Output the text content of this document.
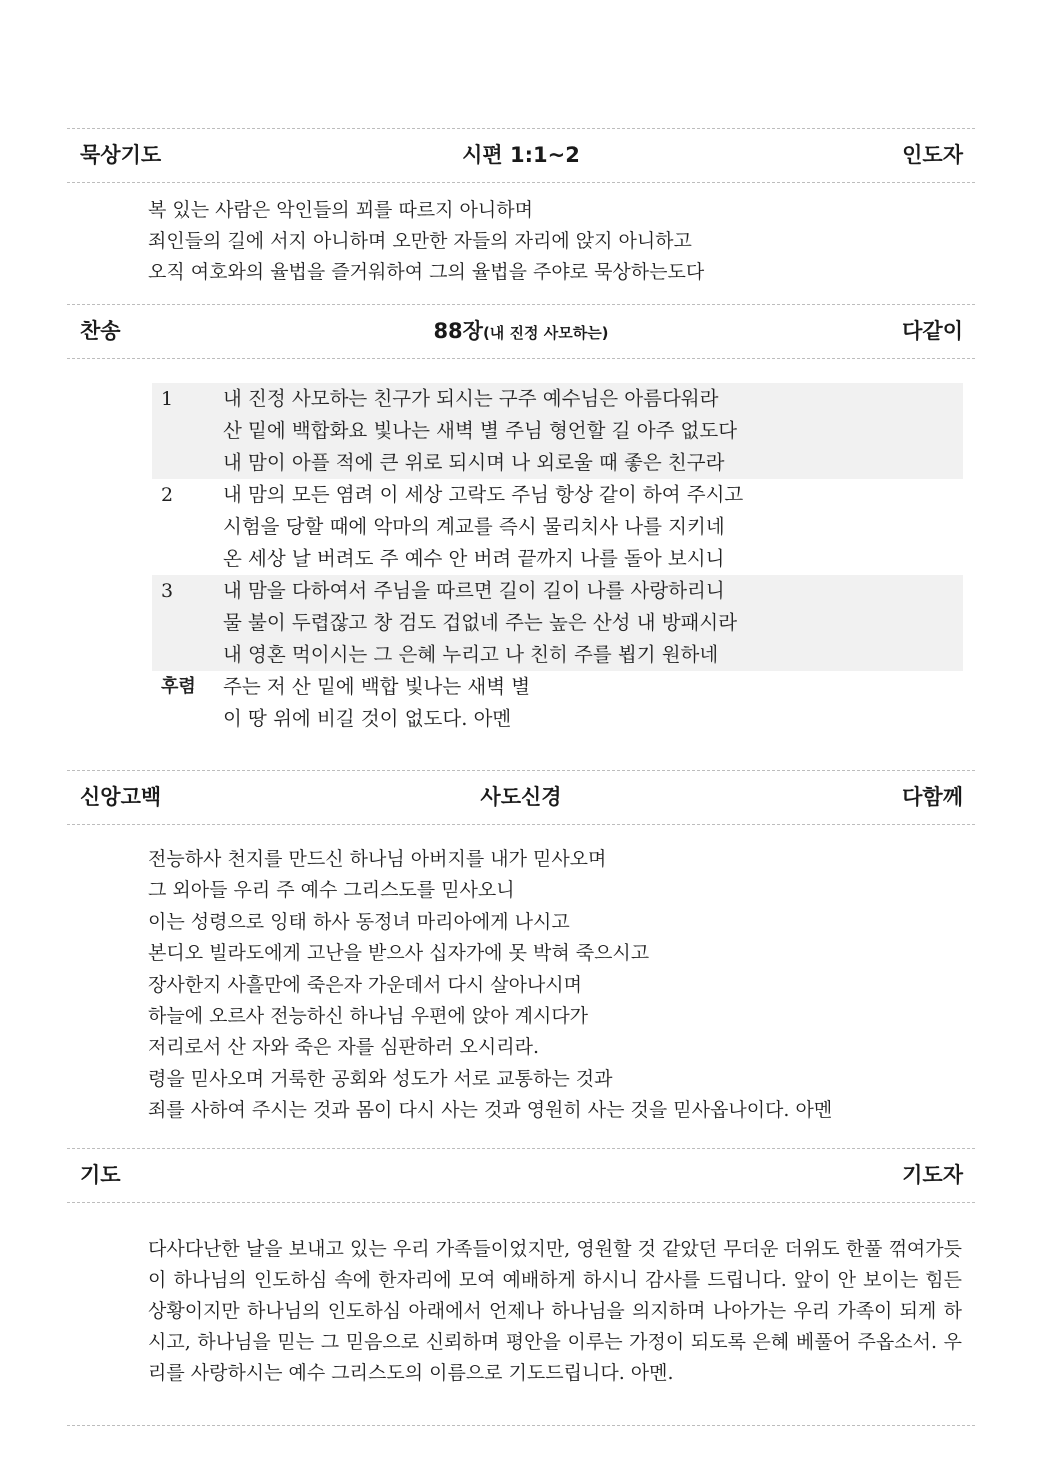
묵상기도	시편 1:1~2	인도자
복 있는 사람은 악인들의 꾀를 따르지 아니하며
죄인들의 길에 서지 아니하며 오만한 자들의 자리에 앉지 아니하고
오직 여호와의 율법을 즐거워하여 그의 율법을 주야로 묵상하는도다
찬송	88장(내 진정 사모하는)	다같이
1	내 진정 사모하는 친구가 되시는 구주 예수님은 아름다워라
산 밑에 백합화요 빛나는 새벽 별 주님 형언할 길 아주 없도다
내 맘이 아플 적에 큰 위로 되시며 나 외로울 때 좋은 친구라
2	내 맘의 모든 염려 이 세상 고락도 주님 항상 같이 하여 주시고
시험을 당할 때에 악마의 계교를 즉시 물리치사 나를 지키네
온 세상 날 버려도 주 예수 안 버려 끝까지 나를 돌아 보시니
3	내 맘을 다하여서 주님을 따르면 길이 길이 나를 사랑하리니
물 불이 두렵잖고 창 검도 겁없네 주는 높은 산성 내 방패시라
내 영혼 먹이시는 그 은혜 누리고 나 친히 주를 뵙기 원하네
후렴 주는 저 산 밑에 백합 빛나는 새벽 별
이 땅 위에 비길 것이 없도다. 아멘
신앙고백	사도신경	다함께
전능하사 천지를 만드신 하나님 아버지를 내가 믿사오며
그 외아들 우리 주 예수 그리스도를 믿사오니
이는 성령으로 잉태 하사 동정녀 마리아에게 나시고
본디오 빌라도에게 고난을 받으사 십자가에 못 박혀 죽으시고
장사한지 사흘만에 죽은자 가운데서 다시 살아나시며
하늘에 오르사 전능하신 하나님 우편에 앉아 계시다가
저리로서 산 자와 죽은 자를 심판하러 오시리라.
령을 믿사오며 거룩한 공회와 성도가 서로 교통하는 것과
죄를 사하여 주시는 것과 몸이 다시 사는 것과 영원히 사는 것을 믿사옵나이다. 아멘
기도	기도자
다사다난한 날을 보내고 있는 우리 가족들이었지만, 영원할 것 같았던 무더운 더위도 한풀 꺾여가듯이 하나님의 인도하심 속에 한자리에 모여 예배하게 하시니 감사를 드립니다. 앞이 안 보이는 힘든 상황이지만 하나님의 인도하심 아래에서 언제나 하나님을 의지하며 나아가는 우리 가족이 되게 하시고, 하나님을 믿는 그 믿음으로 신뢰하며 평안을 이루는 가정이 되도록 은혜 베풀어 주옵소서. 우리를 사랑하시는 예수 그리스도의 이름으로 기도드립니다. 아멘.
